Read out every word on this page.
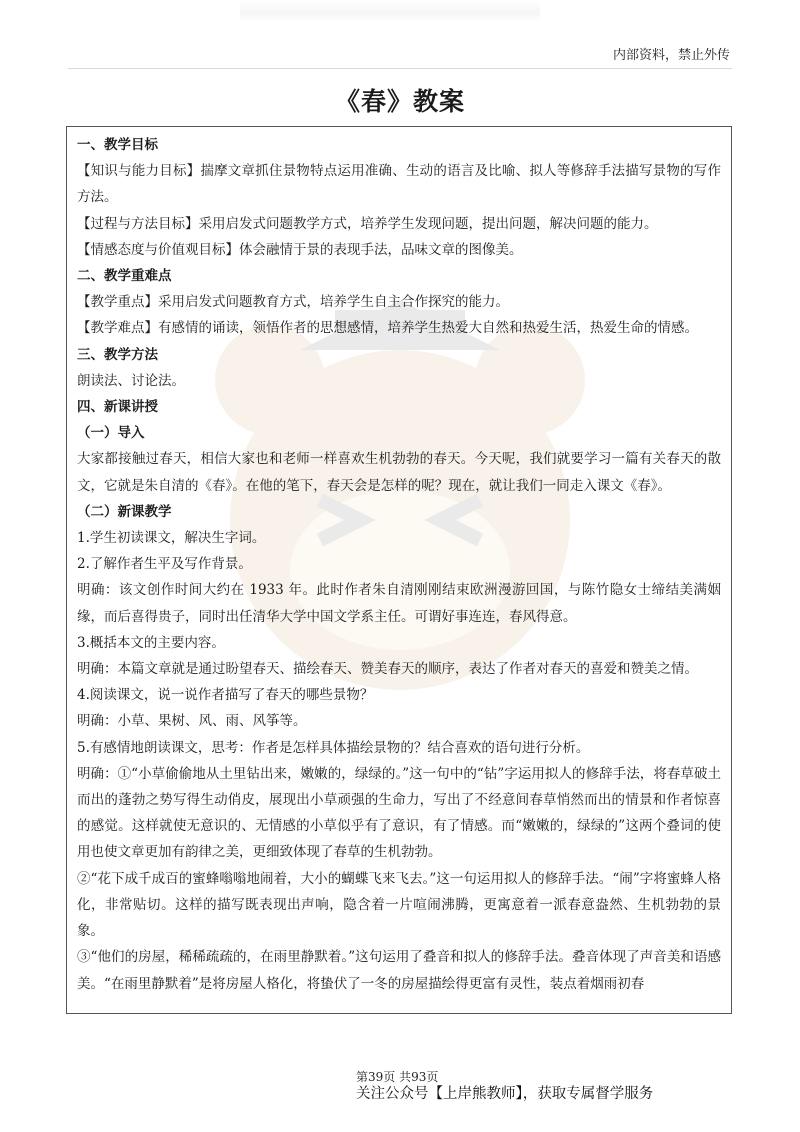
内部资料，禁止外传
《春》教案

一、教学目标

【知识与能力目标】揣摩文章抓住景物特点运用准确、生动的语言及比喻、拟人等修辞手法描写景物的写作方法。

【过程与方法目标】采用启发式问题教学方式，培养学生发现问题，提出问题，解决问题的能力。

【情感态度与价值观目标】体会融情于景的表现手法，品味文章的图像美。

二、教学重难点

【教学重点】采用启发式问题教育方式，培养学生自主合作探究的能力。

【教学难点】有感情的诵读，领悟作者的思想感情，培养学生热爱大自然和热爱生活，热爱生命的情感。

三、教学方法

朗读法、讨论法。

四、新课讲授

（一）导入

大家都接触过春天，相信大家也和老师一样喜欢生机勃勃的春天。今天呢，我们就要学习一篇有关春天的散文，它就是朱自清的《春》。在他的笔下，春天会是怎样的呢？现在，就让我们一同走入课文《春》。

（二）新课教学

1.学生初读课文，解决生字词。

2.了解作者生平及写作背景。

明确：该文创作时间大约在 1933 年。此时作者朱自清刚刚结束欧洲漫游回国，与陈竹隐女士缔结美满姻缘，而后喜得贵子，同时出任清华大学中国文学系主任。可谓好事连连，春风得意。

3.概括本文的主要内容。

明确：本篇文章就是通过盼望春天、描绘春天、赞美春天的顺序，表达了作者对春天的喜爱和赞美之情。

4.阅读课文，说一说作者描写了春天的哪些景物？

明确：小草、果树、风、雨、风筝等。

5.有感情地朗读课文，思考：作者是怎样具体描绘景物的？结合喜欢的语句进行分析。

明确：①“小草偷偷地从土里钻出来，嫩嫩的，绿绿的。”这一句中的“钻”字运用拟人的修辞手法，将春草破土而出的蓬勃之势写得生动俏皮，展现出小草顽强的生命力，写出了不经意间春草悄然而出的情景和作者惊喜的感觉。这样就使无意识的、无情感的小草似乎有了意识，有了情感。而“嫩嫩的，绿绿的”这两个叠词的使用也使文章更加有韵律之美，更细致体现了春草的生机勃勃。

②“花下成千成百的蜜蜂嗡嗡地闹着，大小的蝴蝶飞来飞去。”这一句运用拟人的修辞手法。“闹”字将蜜蜂人格化，非常贴切。这样的描写既表现出声响，隐含着一片喧闹沸腾，更寓意着一派春意盎然、生机勃勃的景象。

③“他们的房屋，稀稀疏疏的，在雨里静默着。”这句运用了叠音和拟人的修辞手法。叠音体现了声音美和语感美。“在雨里静默着”是将房屋人格化，将蛰伏了一冬的房屋描绘得更富有灵性，装点着烟雨初春

第39页 共93页
关注公众号【上岸熊教师】，获取专属督学服务
